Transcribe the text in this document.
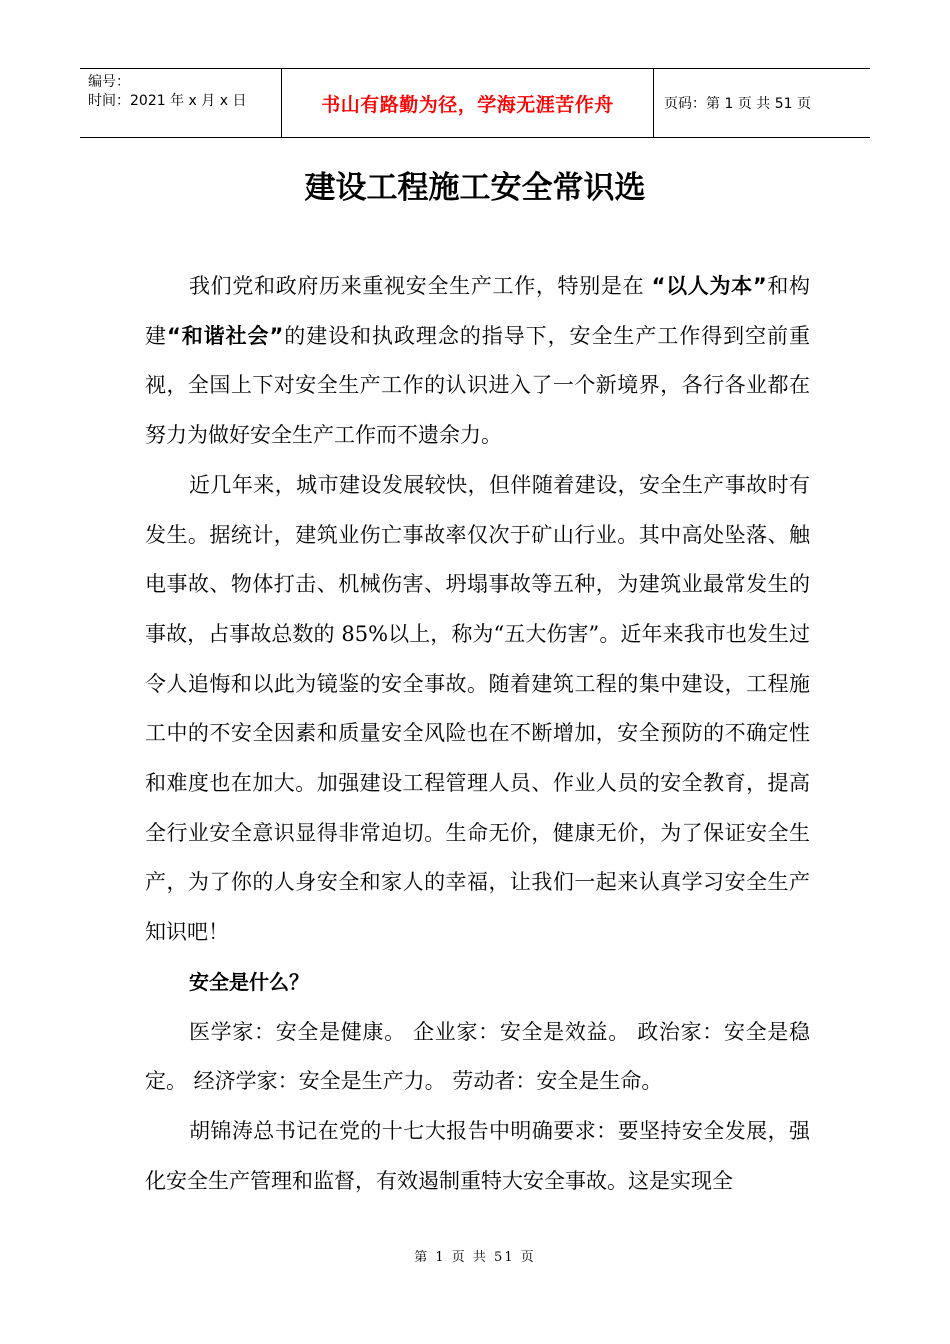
编号：
时间：2021 年 x 月 x 日	书山有路勤为径，学海无涯苦作舟	页码：第 1 页 共 51 页
建设工程施工安全常识选

我们党和政府历来重视安全生产工作，特别是在 “以人为本”和构建“和谐社会”的建设和执政理念的指导下，安全生产工作得到空前重视，全国上下对安全生产工作的认识进入了一个新境界，各行各业都在努力为做好安全生产工作而不遗余力。

近几年来，城市建设发展较快，但伴随着建设，安全生产事故时有发生。据统计，建筑业伤亡事故率仅次于矿山行业。其中高处坠落、触电事故、物体打击、机械伤害、坍塌事故等五种，为建筑业最常发生的事故，占事故总数的 85%以上，称为“五大伤害”。近年来我市也发生过令人追悔和以此为镜鉴的安全事故。随着建筑工程的集中建设，工程施工中的不安全因素和质量安全风险也在不断增加，安全预防的不确定性和难度也在加大。加强建设工程管理人员、作业人员的安全教育，提高全行业安全意识显得非常迫切。生命无价，健康无价，为了保证安全生产，为了你的人身安全和家人的幸福，让我们一起来认真学习安全生产知识吧！

安全是什么？

医学家：安全是健康。 企业家：安全是效益。 政治家：安全是稳定。 经济学家：安全是生产力。 劳动者：安全是生命。

胡锦涛总书记在党的十七大报告中明确要求：要坚持安全发展，强化安全生产管理和监督，有效遏制重特大安全事故。这是实现全

第 1 页 共 51 页
